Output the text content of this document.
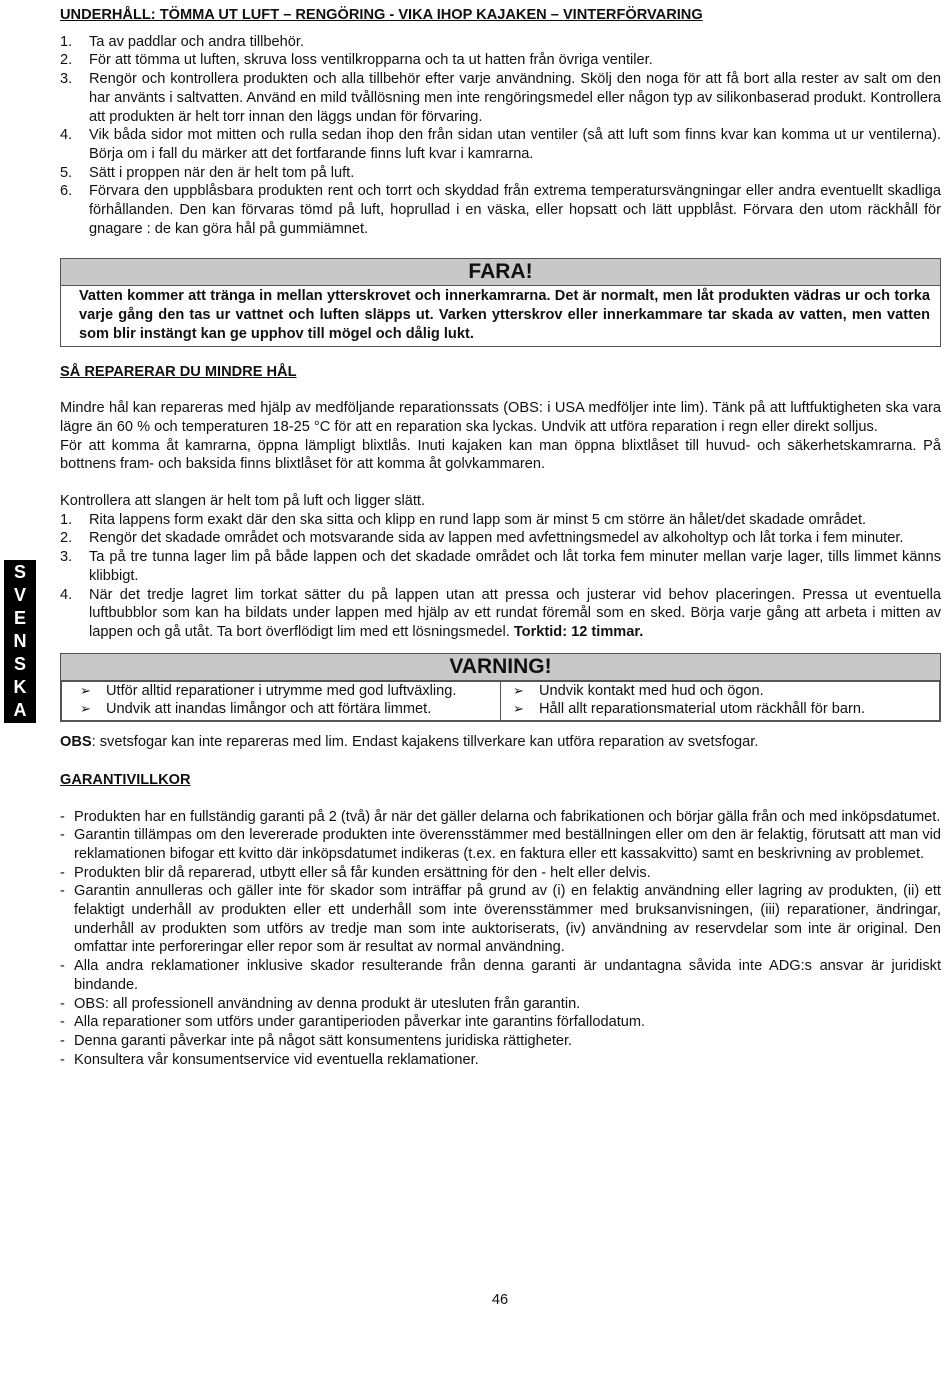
UNDERHÅLL: TÖMMA UT LUFT – RENGÖRING - VIKA IHOP KAJAKEN – VINTERFÖRVARING
1. Ta av paddlar och andra tillbehör.
2. För att tömma ut luften, skruva loss ventilkropparna och ta ut hatten från övriga ventiler.
3. Rengör och kontrollera produkten och alla tillbehör efter varje användning. Skölj den noga för att få bort alla rester av salt om den har använts i saltvatten. Använd en mild tvållösning men inte rengöringsmedel eller någon typ av silikonbaserad produkt. Kontrollera att produkten är helt torr innan den läggs undan för förvaring.
4. Vik båda sidor mot mitten och rulla sedan ihop den från sidan utan ventiler (så att luft som finns kvar kan komma ut ur ventilerna). Börja om i fall du märker att det fortfarande finns luft kvar i kamrarna.
5. Sätt i proppen när den är helt tom på luft.
6. Förvara den uppblåsbara produkten rent och torrt och skyddad från extrema temperatursvängningar eller andra eventuellt skadliga förhållanden. Den kan förvaras tömd på luft, hoprullad i en väska, eller hopsatt och lätt uppblåst. Förvara den utom räckhåll för gnagare : de kan göra hål på gummiämnet.
FARA!
Vatten kommer att tränga in mellan ytterskrovet och innerkamrarna. Det är normalt, men låt produkten vädras ur och torka varje gång den tas ur vattnet och luften släpps ut. Varken ytterskrov eller innerkammare tar skada av vatten, men vatten som blir instängt kan ge upphov till mögel och dålig lukt.
SÅ REPARERAR DU MINDRE HÅL

Mindre hål kan repareras med hjälp av medföljande reparationssats (OBS: i USA medföljer inte lim). Tänk på att luftfuktigheten ska vara lägre än 60 % och temperaturen 18-25 °C för att en reparation ska lyckas. Undvik att utföra reparation i regn eller direkt solljus.

För att komma åt kamrarna, öppna lämpligt blixtlås. Inuti kajaken kan man öppna blixtlåset till huvud- och säkerhetskamrarna. På bottnens fram- och baksida finns blixtlåset för att komma åt golvkammaren.

Kontrollera att slangen är helt tom på luft och ligger slätt.

1. Rita lappens form exakt där den ska sitta och klipp en rund lapp som är minst 5 cm större än hålet/det skadade området.
2. Rengör det skadade området och motsvarande sida av lappen med avfettningsmedel av alkoholtyp och låt torka i fem minuter.
3. Ta på tre tunna lager lim på både lappen och det skadade området och låt torka fem minuter mellan varje lager, tills limmet känns klibbigt.
4. När det tredje lagret lim torkat sätter du på lappen utan att pressa och justerar vid behov placeringen. Pressa ut eventuella luftbubblor som kan ha bildats under lappen med hjälp av ett rundat föremål som en sked. Börja varje gång att arbeta i mitten av lappen och gå utåt. Ta bort överflödigt lim med ett lösningsmedel. Torktid: 12 timmar.
VARNING!
➢ Utför alltid reparationer i utrymme med god luftväxling.
➢ Undvik att inandas limångor och att förtära limmet.

➢ Undvik kontakt med hud och ögon.
➢ Håll allt reparationsmaterial utom räckhåll för barn.

OBS: svetsfogar kan inte repareras med lim. Endast kajakens tillverkare kan utföra reparation av svetsfogar.

GARANTIVILLKOR
- Produkten har en fullständig garanti på 2 (två) år när det gäller delarna och fabrikationen och börjar gälla från och med inköpsdatumet.
- Garantin tillämpas om den levererade produkten inte överensstämmer med beställningen eller om den är felaktig, förutsatt att man vid reklamationen bifogar ett kvitto där inköpsdatumet indikeras (t.ex. en faktura eller ett kassakvitto) samt en beskrivning av problemet.
- Produkten blir då reparerad, utbytt eller så får kunden ersättning för den - helt eller delvis.
- Garantin annulleras och gäller inte för skador som inträffar på grund av (i) en felaktig användning eller lagring av produkten, (ii) ett felaktigt underhåll av produkten eller ett underhåll som inte överensstämmer med bruksanvisningen, (iii) reparationer, ändringar, underhåll av produkten som utförs av tredje man som inte auktoriserats, (iv) användning av reservdelar som inte är original. Den omfattar inte perforeringar eller repor som är resultat av normal användning.
- Alla andra reklamationer inklusive skador resulterande från denna garanti är undantagna såvida inte ADG:s ansvar är juridiskt bindande.
- OBS: all professionell användning av denna produkt är utesluten från garantin.
- Alla reparationer som utförs under garantiperioden påverkar inte garantins förfallodatum.
- Denna garanti påverkar inte på något sätt konsumentens juridiska rättigheter.
- Konsultera vår konsumentservice vid eventuella reklamationer.
S
V
E
N
S
K
A
46
